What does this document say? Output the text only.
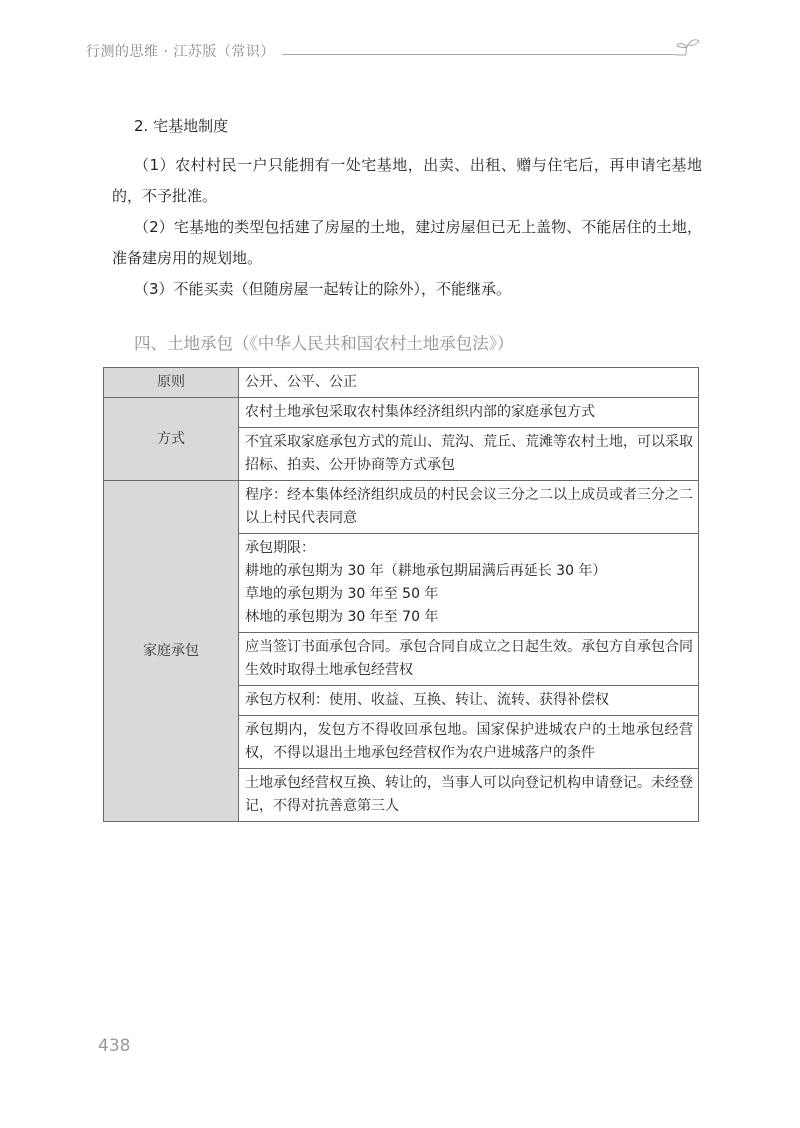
行测的思维 · 江苏版（常识）
2. 宅基地制度

（1）农村村民一户只能拥有一处宅基地，出卖、出租、赠与住宅后，再申请宅基地的，不予批准。

（2）宅基地的类型包括建了房屋的土地，建过房屋但已无上盖物、不能居住的土地，准备建房用的规划地。

（3）不能买卖（但随房屋一起转让的除外），不能继承。

四、土地承包（《中华人民共和国农村土地承包法》）
原则	公开、公平、公正
方式	农村土地承包采取农村集体经济组织内部的家庭承包方式
	不宜采取家庭承包方式的荒山、荒沟、荒丘、荒滩等农村土地，可以采取招标、拍卖、公开协商等方式承包
家庭承包	程序：经本集体经济组织成员的村民会议三分之二以上成员或者三分之二以上村民代表同意

	承包期限：
耕地的承包期为 30 年（耕地承包期届满后再延长 30 年）
草地的承包期为 30 年至 50 年
林地的承包期为 30 年至 70 年

	应当签订书面承包合同。承包合同自成立之日起生效。承包方自承包合同生效时取得土地承包经营权
	承包方权利：使用、收益、互换、转让、流转、获得补偿权
	承包期内，发包方不得收回承包地。国家保护进城农户的土地承包经营权，不得以退出土地承包经营权作为农户进城落户的条件
	土地承包经营权互换、转让的，当事人可以向登记机构申请登记。未经登记，不得对抗善意第三人
438
